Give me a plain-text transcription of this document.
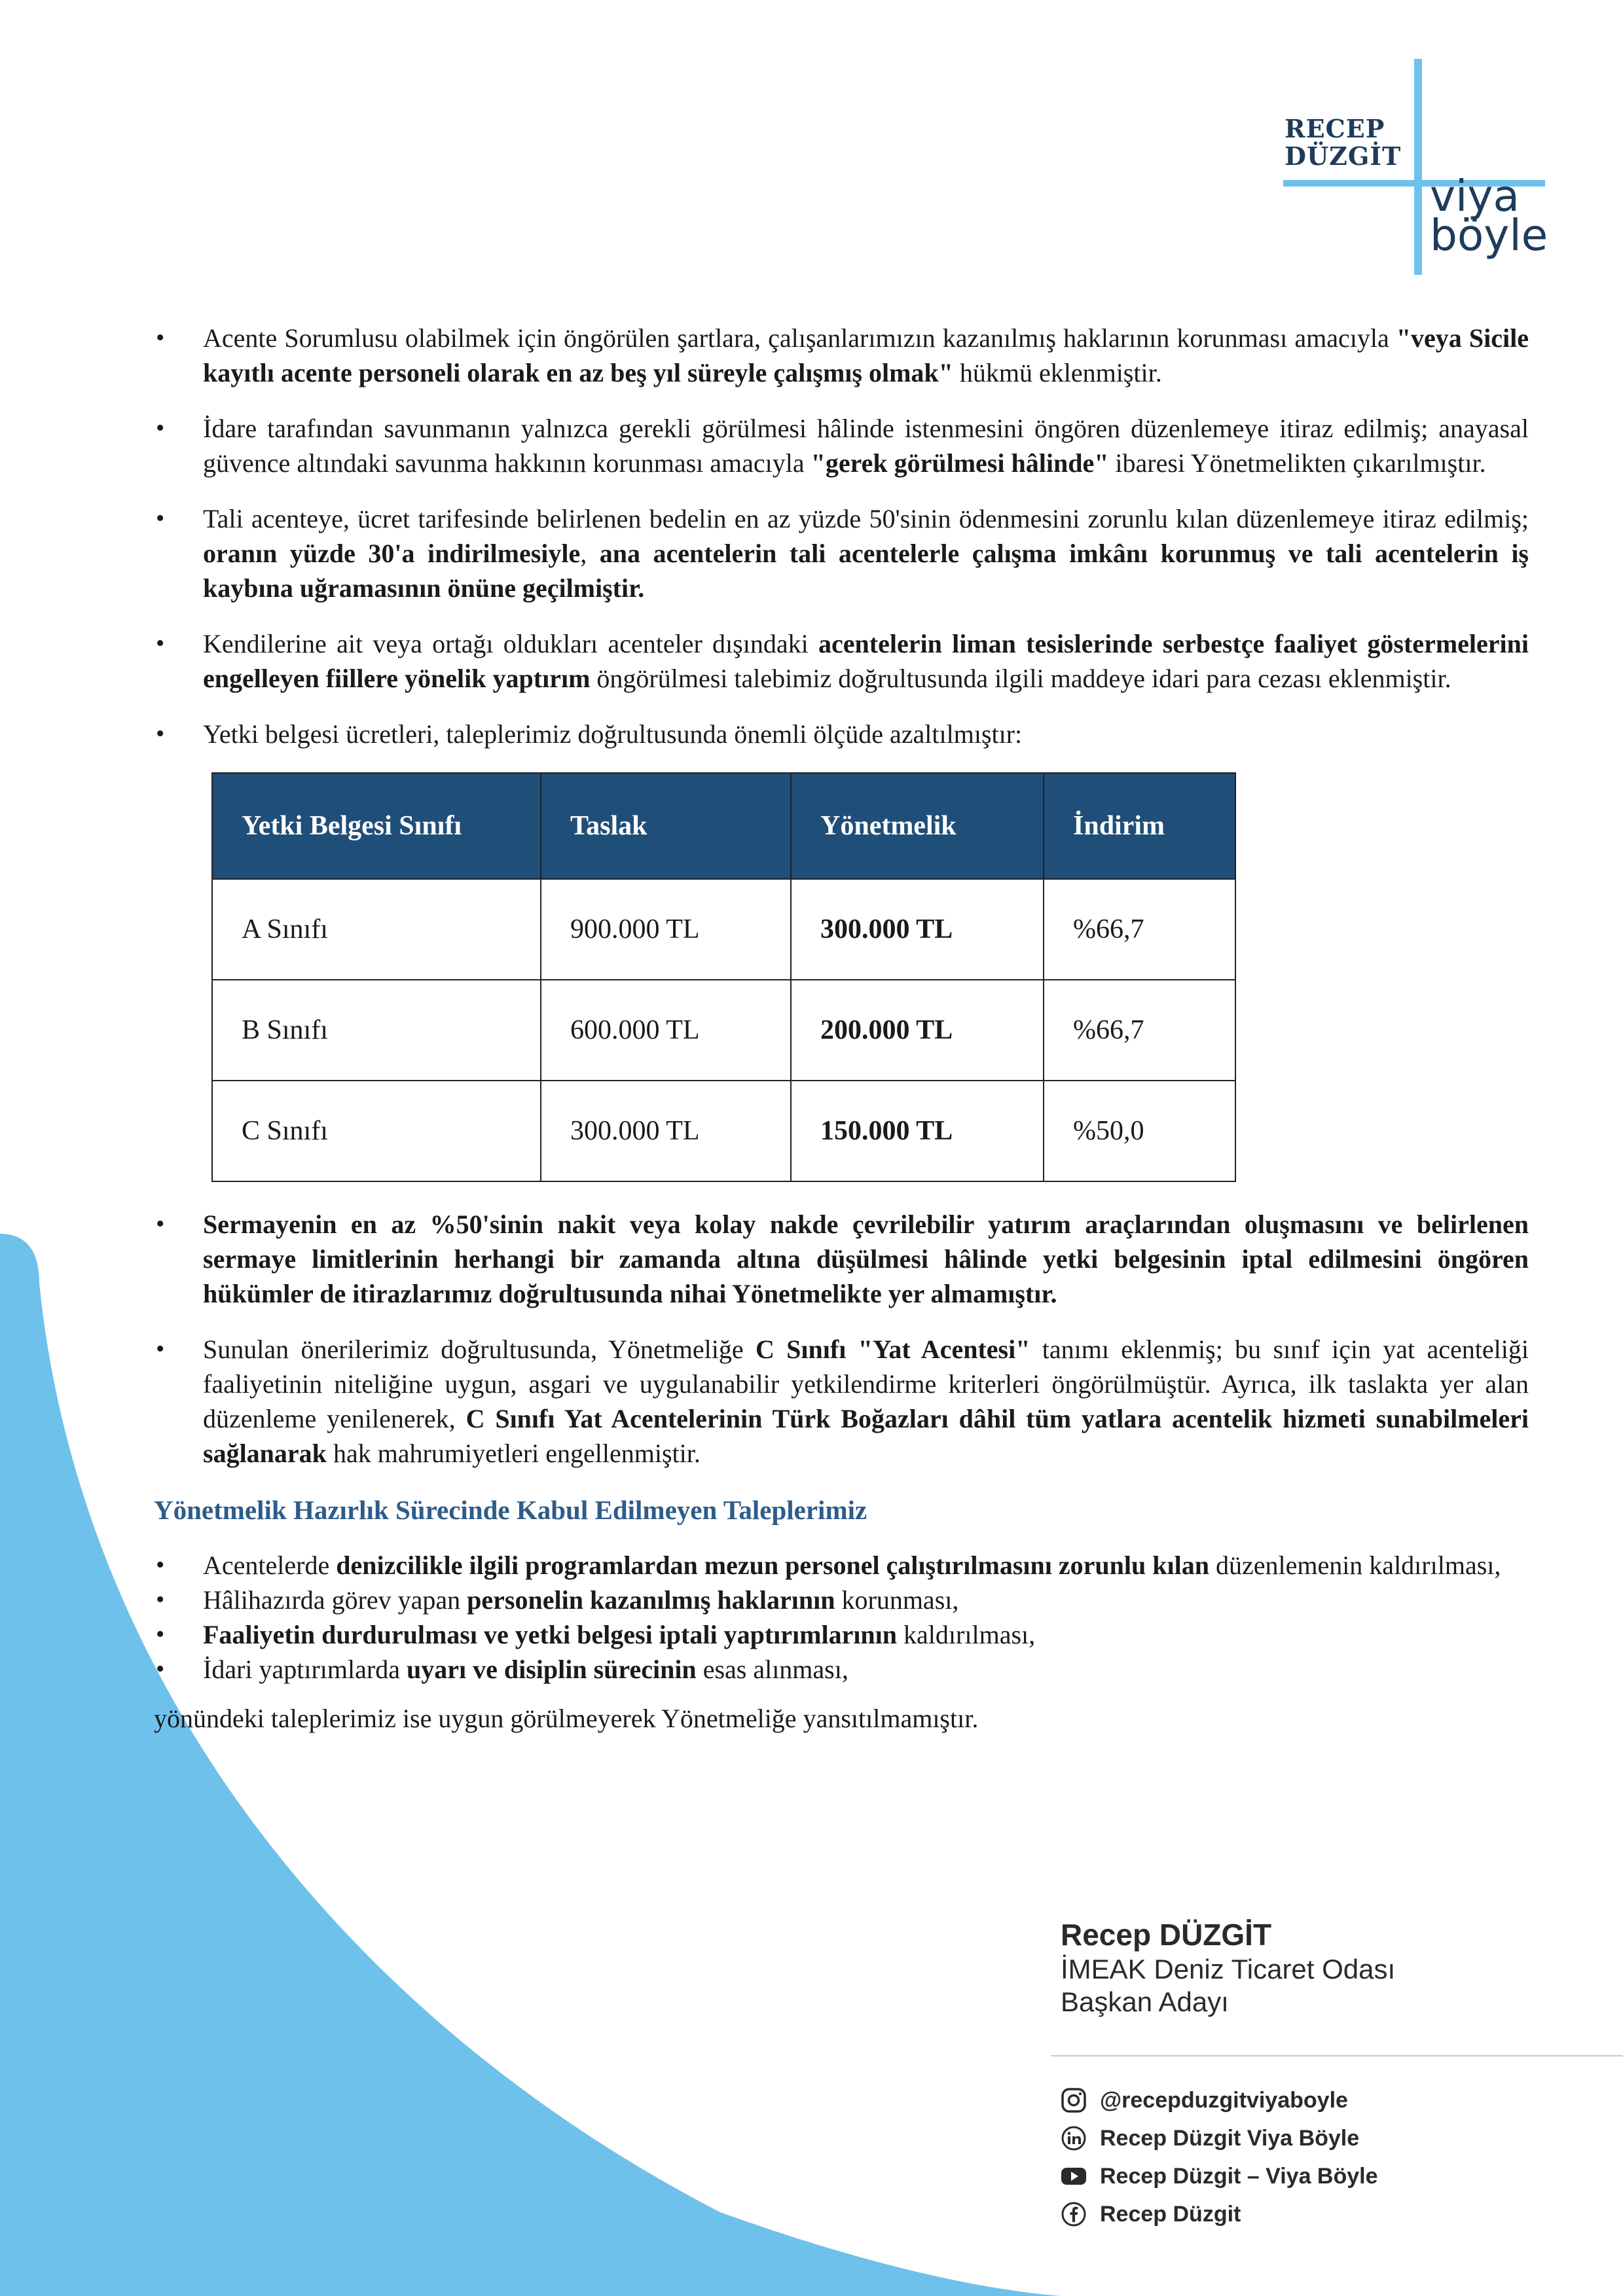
RECEP
DÜZGİT
viya
böyle
• Acente Sorumlusu olabilmek için öngörülen şartlara, çalışanlarımızın kazanılmış haklarının korunması amacıyla "veya Sicile kayıtlı acente personeli olarak en az beş yıl süreyle çalışmış olmak" hükmü eklenmiştir.
• İdare tarafından savunmanın yalnızca gerekli görülmesi hâlinde istenmesini öngören düzenlemeye itiraz edilmiş; anayasal güvence altındaki savunma hakkının korunması amacıyla "gerek görülmesi hâlinde" ibaresi Yönetmelikten çıkarılmıştır.
• Tali acenteye, ücret tarifesinde belirlenen bedelin en az yüzde 50'sinin ödenmesini zorunlu kılan düzenlemeye itiraz edilmiş; oranın yüzde 30'a indirilmesiyle, ana acentelerin tali acentelerle çalışma imkânı korunmuş ve tali acentelerin iş kaybına uğramasının önüne geçilmiştir.
• Kendilerine ait veya ortağı oldukları acenteler dışındaki acentelerin liman tesislerinde serbestçe faaliyet göstermelerini engelleyen fiillere yönelik yaptırım öngörülmesi talebimiz doğrultusunda ilgili maddeye idari para cezası eklenmiştir.
• Yetki belgesi ücretleri, taleplerimiz doğrultusunda önemli ölçüde azaltılmıştır:
Yetki Belgesi Sınıfı	Taslak	Yönetmelik	İndirim
A Sınıfı	900.000 TL	300.000 TL	%66,7
B Sınıfı	600.000 TL	200.000 TL	%66,7
C Sınıfı	300.000 TL	150.000 TL	%50,0
• Sermayenin en az %50'sinin nakit veya kolay nakde çevrilebilir yatırım araçlarından oluşmasını ve belirlenen sermaye limitlerinin herhangi bir zamanda altına düşülmesi hâlinde yetki belgesinin iptal edilmesini öngören hükümler de itirazlarımız doğrultusunda nihai Yönetmelikte yer almamıştır.
• Sunulan önerilerimiz doğrultusunda, Yönetmeliğe C Sınıfı "Yat Acentesi" tanımı eklenmiş; bu sınıf için yat acenteliği faaliyetinin niteliğine uygun, asgari ve uygulanabilir yetkilendirme kriterleri öngörülmüştür. Ayrıca, ilk taslakta yer alan düzenleme yenilenerek, C Sınıfı Yat Acentelerinin Türk Boğazları dâhil tüm yatlara acentelik hizmeti sunabilmeleri sağlanarak hak mahrumiyetleri engellenmiştir.
Yönetmelik Hazırlık Sürecinde Kabul Edilmeyen Taleplerimiz
• Acentelerde denizcilikle ilgili programlardan mezun personel çalıştırılmasını zorunlu kılan düzenlemenin kaldırılması,
• Hâlihazırda görev yapan personelin kazanılmış haklarının korunması,
• Faaliyetin durdurulması ve yetki belgesi iptali yaptırımlarının kaldırılması,
• İdari yaptırımlarda uyarı ve disiplin sürecinin esas alınması,
yönündeki taleplerimiz ise uygun görülmeyerek Yönetmeliğe yansıtılmamıştır.
Recep DÜZGİT
İMEAK Deniz Ticaret Odası
Başkan Adayı
@recepduzgitviyaboyle
Recep Düzgit Viya Böyle
Recep Düzgit – Viya Böyle
Recep Düzgit
